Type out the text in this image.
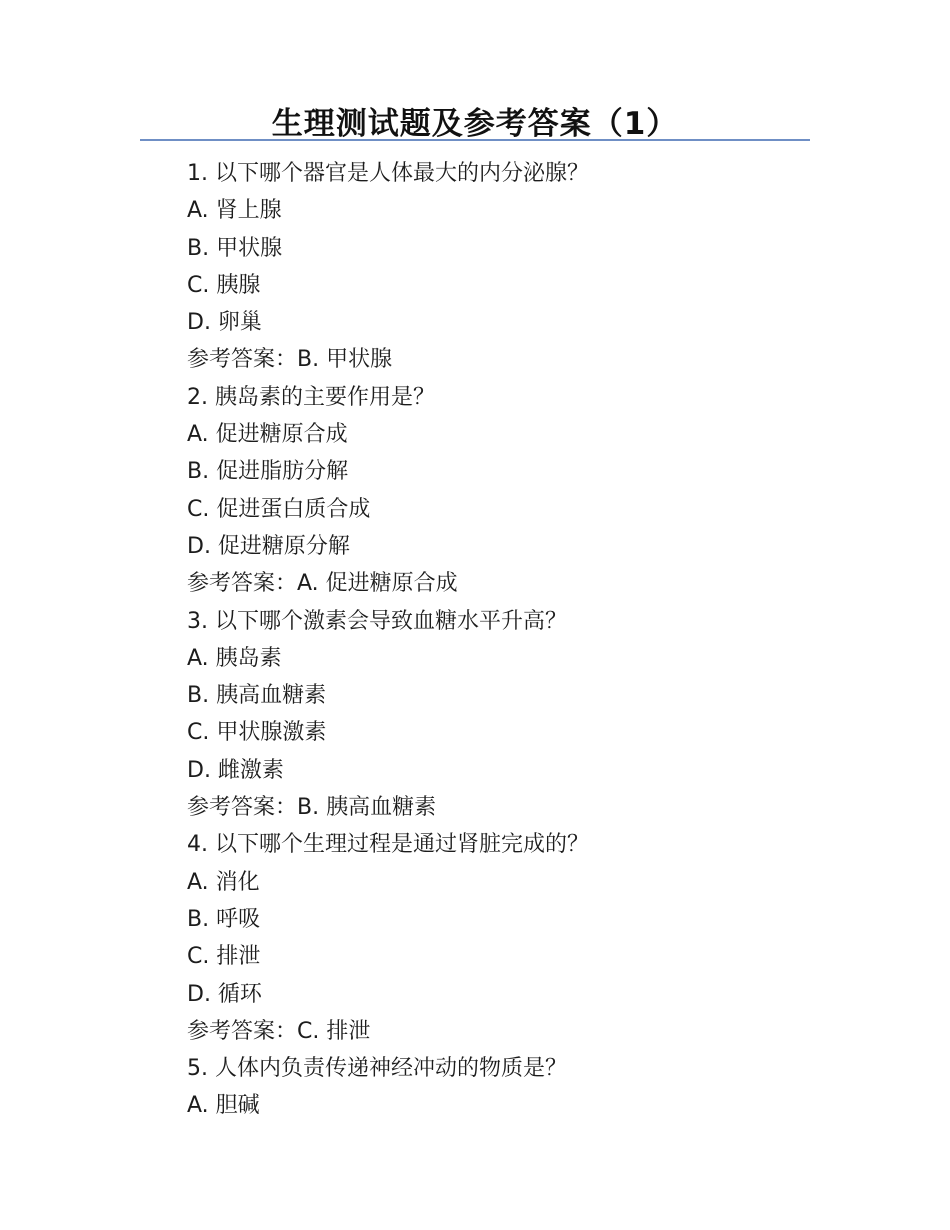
生理测试题及参考答案（1）
1. 以下哪个器官是人体最大的内分泌腺？
A. 肾上腺
B. 甲状腺
C. 胰腺
D. 卵巢
参考答案：B. 甲状腺
2. 胰岛素的主要作用是？
A. 促进糖原合成
B. 促进脂肪分解
C. 促进蛋白质合成
D. 促进糖原分解
参考答案：A. 促进糖原合成
3. 以下哪个激素会导致血糖水平升高？
A. 胰岛素
B. 胰高血糖素
C. 甲状腺激素
D. 雌激素
参考答案：B. 胰高血糖素
4. 以下哪个生理过程是通过肾脏完成的？
A. 消化
B. 呼吸
C. 排泄
D. 循环
参考答案：C. 排泄
5. 人体内负责传递神经冲动的物质是？
A. 胆碱
